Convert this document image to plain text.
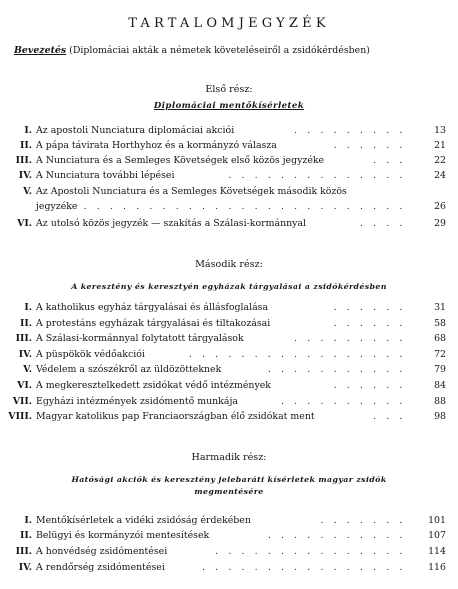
TARTALOMJEGYZÉK
Bevezetés (Diplomáciai akták a németek követeléseiről a zsidókérdésben)
Első rész:
Diplomáciai mentőkísérletek
I. Az apostoli Nunciatura diplomáciai akciói	. . . . . . . . .	13
II. A pápa távirata Horthyhoz és a kormányzó válasza	. . . . . .	21
III. A Nunciatura és a Semleges Követségek első közös jegyzéke	. . .	22
IV. A Nunciatura további lépései	. . . . . . . . . . . . . .	24
V. Az Apostoli Nunciatura és a Semleges Követségek második közös
jegyzéke . . . . . . . . . . . . . . . . . . . . . . . . .	26
VI. Az utolsó közös jegyzék — szakítás a Szálasi-kormánnyal	. . . .	29
Második rész:
A keresztény és keresztyén egyházak tárgyalásai a zsidókérdésben
I. A katholikus egyház tárgyalásai és állásfoglalása	. . . . . .	31
II. A protestáns egyházak tárgyalásai és tiltakozásai	. . . . . .	58
III. A Szálasi-kormánnyal folytatott tárgyalások	. . . . . . . . .	68
IV. A püspökök védőakciói	. . . . . . . . . . . . . . . . .	72
V. Védelem a szószékről az üldözötteknek	. . . . . . . . . . .	79
VI. A megkeresztelkedett zsidókat védő intézmények	. . . . . .	84
VII. Egyházi intézmények zsidómentő munkája	. . . . . . . . . .	88
VIII. Magyar katolikus pap Franciaországban élő zsidókat ment	. . .	98
Harmadik rész:
Hatósági akciók és keresztény jelebaráti kísérletek magyar zsidók
megmentésére
I. Mentőkísérletek a vidéki zsidóság érdekében	. . . . . . .	101
II. Belügyi és kormányzói mentesítések	. . . . . . . . . . .	107
III. A honvédség zsidómentései	. . . . . . . . . . . . . . .	114
IV. A rendőrség zsidómentései	. . . . . . . . . . . . . . . .	116
